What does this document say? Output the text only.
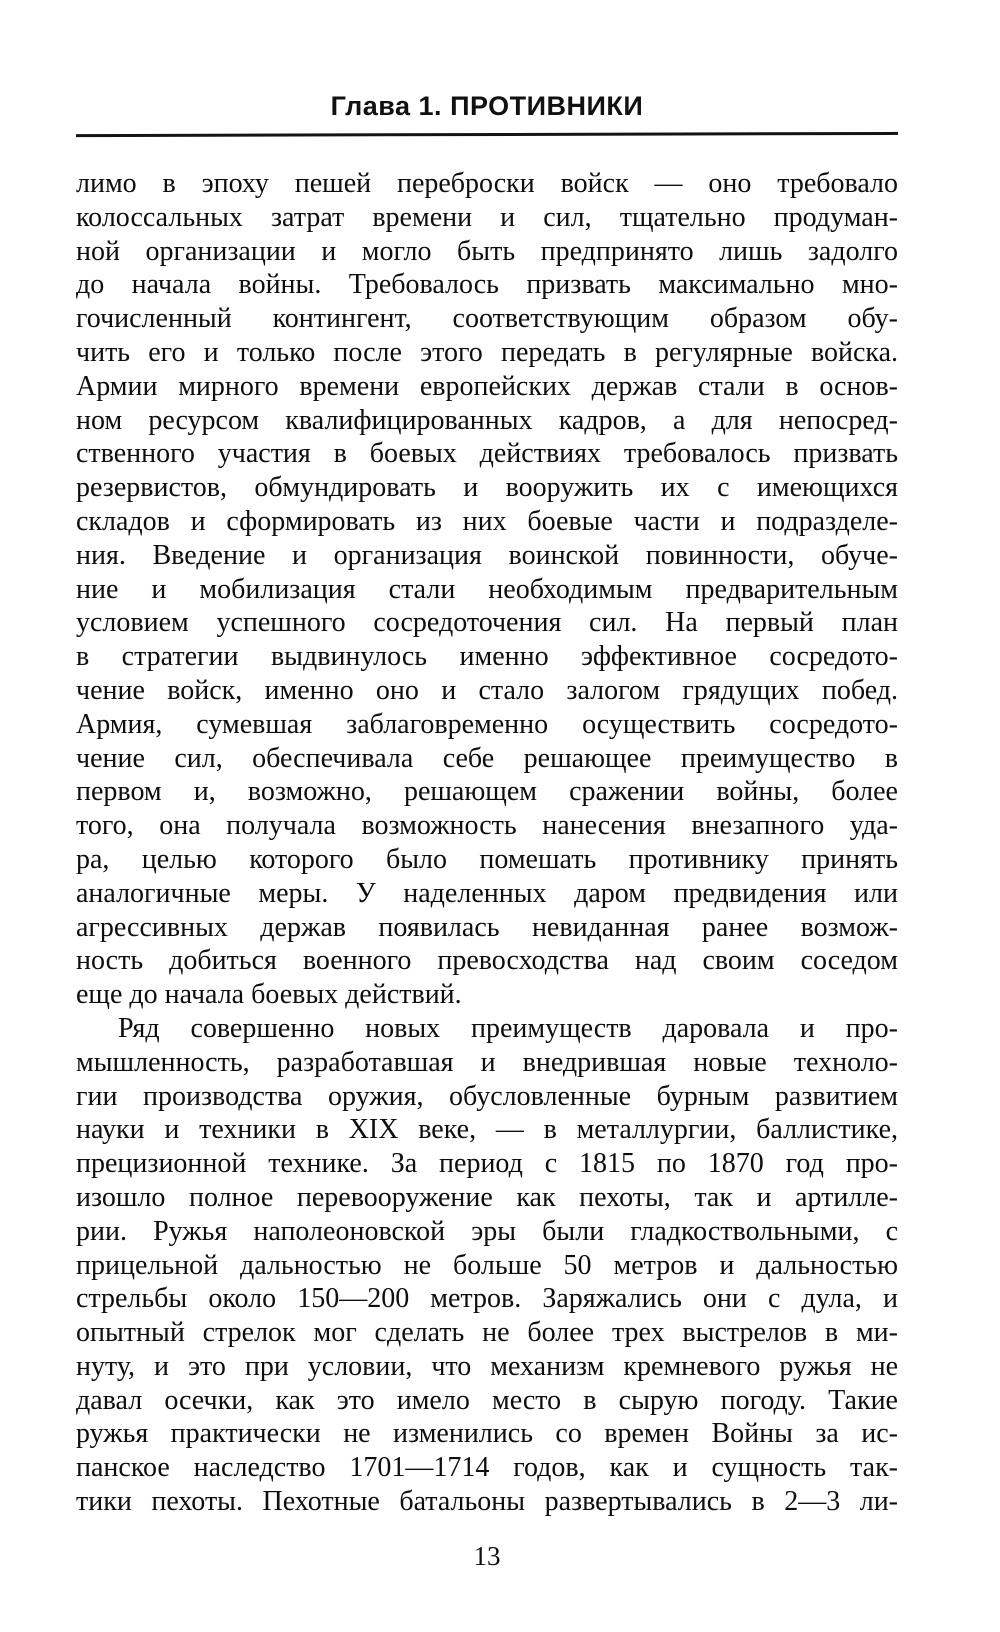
Глава 1. ПРОТИВНИКИ
лимо в эпоху пешей переброски войск — оно требовало
колоссальных затрат времени и сил, тщательно продуман-
ной организации и могло быть предпринято лишь задолго
до начала войны. Требовалось призвать максимально мно-
гочисленный контингент, соответствующим образом обу-
чить его и только после этого передать в регулярные войска.
Армии мирного времени европейских держав стали в основ-
ном ресурсом квалифицированных кадров, а для непосред-
ственного участия в боевых действиях требовалось призвать
резервистов, обмундировать и вооружить их с имеющихся
складов и сформировать из них боевые части и подразделе-
ния. Введение и организация воинской повинности, обуче-
ние и мобилизация стали необходимым предварительным
условием успешного сосредоточения сил. На первый план
в стратегии выдвинулось именно эффективное сосредото-
чение войск, именно оно и стало залогом грядущих побед.
Армия, сумевшая заблаговременно осуществить сосредото-
чение сил, обеспечивала себе решающее преимущество в
первом и, возможно, решающем сражении войны, более
того, она получала возможность нанесения внезапного уда-
ра, целью которого было помешать противнику принять
аналогичные меры. У наделенных даром предвидения или
агрессивных держав появилась невиданная ранее возмож-
ность добиться военного превосходства над своим соседом
еще до начала боевых действий.
Ряд совершенно новых преимуществ даровала и про-
мышленность, разработавшая и внедрившая новые техноло-
гии производства оружия, обусловленные бурным развитием
науки и техники в XIX веке, — в металлургии, баллистике,
прецизионной технике. За период с 1815 по 1870 год про-
изошло полное перевооружение как пехоты, так и артилле-
рии. Ружья наполеоновской эры были гладкоствольными, с
прицельной дальностью не больше 50 метров и дальностью
стрельбы около 150—200 метров. Заряжались они с дула, и
опытный стрелок мог сделать не более трех выстрелов в ми-
нуту, и это при условии, что механизм кремневого ружья не
давал осечки, как это имело место в сырую погоду. Такие
ружья практически не изменились со времен Войны за ис-
панское наследство 1701—1714 годов, как и сущность так-
тики пехоты. Пехотные батальоны развертывались в 2—3 ли-
13
